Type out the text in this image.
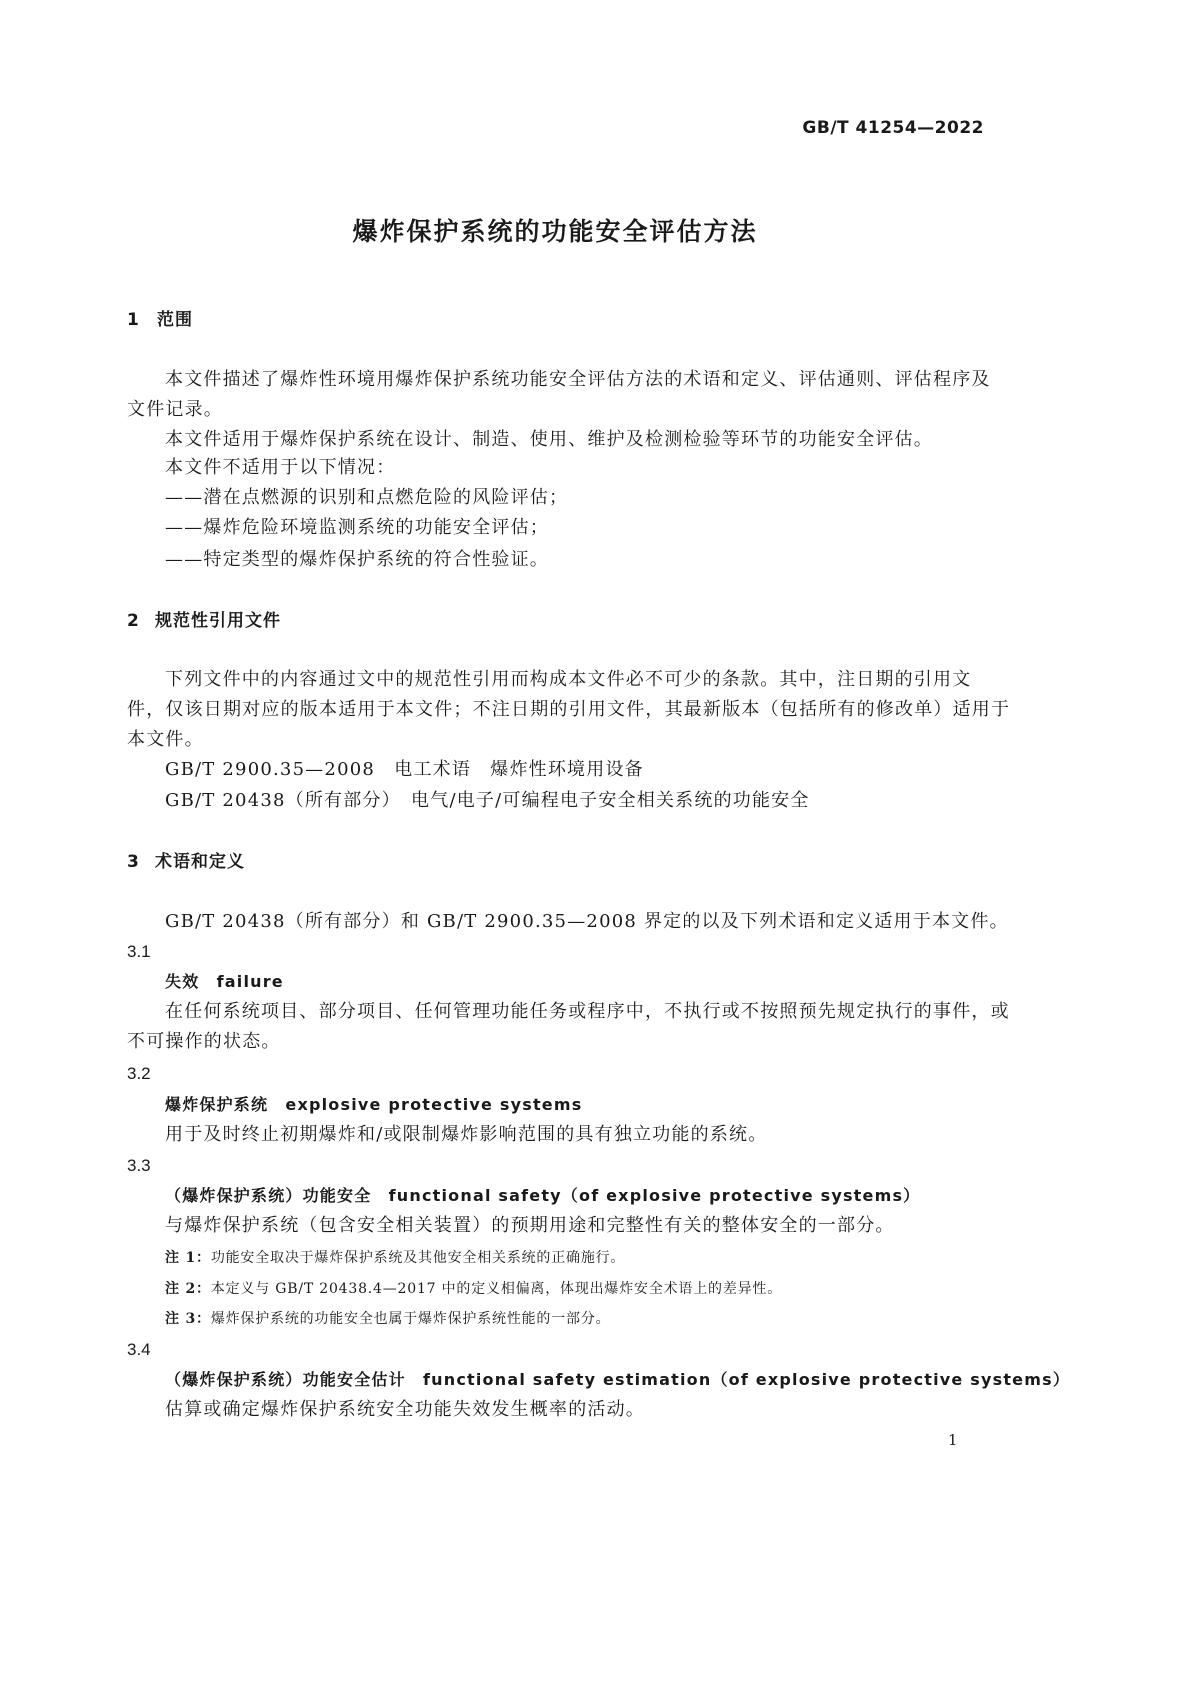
GB/T 41254—2022
爆炸保护系统的功能安全评估方法
1 范围
本文件描述了爆炸性环境用爆炸保护系统功能安全评估方法的术语和定义、评估通则、评估程序及
文件记录。
本文件适用于爆炸保护系统在设计、制造、使用、维护及检测检验等环节的功能安全评估。
本文件不适用于以下情况：
——潜在点燃源的识别和点燃危险的风险评估；
——爆炸危险环境监测系统的功能安全评估；
——特定类型的爆炸保护系统的符合性验证。
2 规范性引用文件
下列文件中的内容通过文中的规范性引用而构成本文件必不可少的条款。其中，注日期的引用文
件，仅该日期对应的版本适用于本文件；不注日期的引用文件，其最新版本（包括所有的修改单）适用于
本文件。
GB/T 2900.35—2008　电工术语　爆炸性环境用设备
GB/T 20438（所有部分）　电气/电子/可编程电子安全相关系统的功能安全
3 术语和定义
GB/T 20438（所有部分）和 GB/T 2900.35—2008 界定的以及下列术语和定义适用于本文件。
3.1
失效　failure
在任何系统项目、部分项目、任何管理功能任务或程序中，不执行或不按照预先规定执行的事件，或
不可操作的状态。
3.2
爆炸保护系统　explosive protective systems
用于及时终止初期爆炸和/或限制爆炸影响范围的具有独立功能的系统。
3.3
（爆炸保护系统）功能安全　functional safety（of explosive protective systems）
与爆炸保护系统（包含安全相关装置）的预期用途和完整性有关的整体安全的一部分。
注 1：功能安全取决于爆炸保护系统及其他安全相关系统的正确施行。
注 2：本定义与 GB/T 20438.4—2017 中的定义相偏离，体现出爆炸安全术语上的差异性。
注 3：爆炸保护系统的功能安全也属于爆炸保护系统性能的一部分。
3.4
（爆炸保护系统）功能安全估计　functional safety estimation（of explosive protective systems）
估算或确定爆炸保护系统安全功能失效发生概率的活动。
1
